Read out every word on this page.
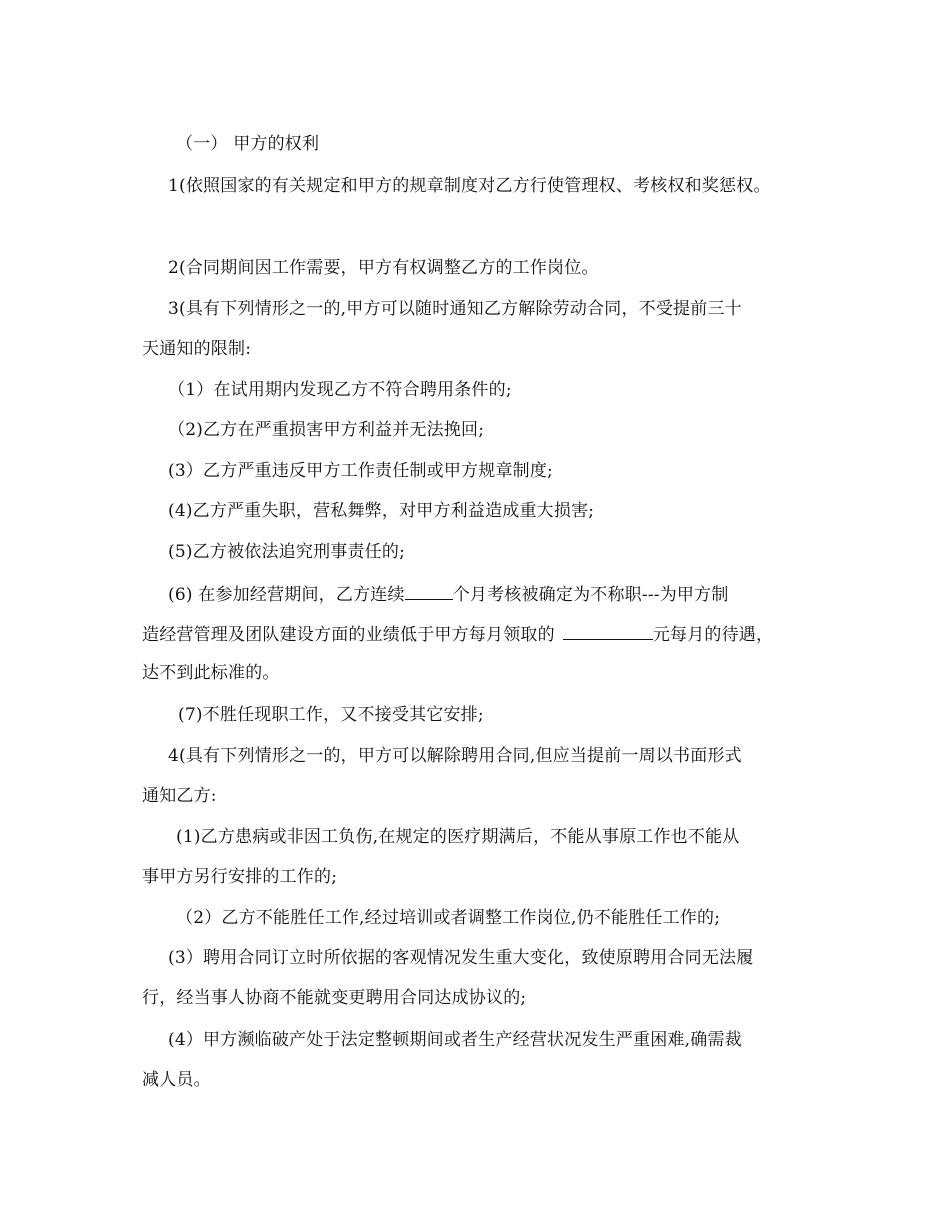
（一） 甲方的权利
1(依照国家的有关规定和甲方的规章制度对乙方行使管理权、考核权和奖惩权。
2(合同期间因工作需要，甲方有权调整乙方的工作岗位。
3(具有下列情形之一的,甲方可以随时通知乙方解除劳动合同，不受提前三十
天通知的限制:
（1）在试用期内发现乙方不符合聘用条件的;
（2)乙方在严重损害甲方利益并无法挽回;
(3）乙方严重违反甲方工作责任制或甲方规章制度;
(4)乙方严重失职，营私舞弊，对甲方利益造成重大损害;
(5)乙方被依法追究刑事责任的;
(6) 在参加经营期间，乙方连续	个月考核被确定为不称职---为甲方制
造经营管理及团队建设方面的业绩低于甲方每月领取的	元每月的待遇，
达不到此标准的。
(7)不胜任现职工作，又不接受其它安排;
4(具有下列情形之一的，甲方可以解除聘用合同,但应当提前一周以书面形式
通知乙方:
(1)乙方患病或非因工负伤,在规定的医疗期满后，不能从事原工作也不能从
事甲方另行安排的工作的;
（2）乙方不能胜任工作,经过培训或者调整工作岗位,仍不能胜任工作的;
(3）聘用合同订立时所依据的客观情况发生重大变化，致使原聘用合同无法履
行，经当事人协商不能就变更聘用合同达成协议的;
(4）甲方濒临破产处于法定整顿期间或者生产经营状况发生严重困难,确需裁
减人员。
